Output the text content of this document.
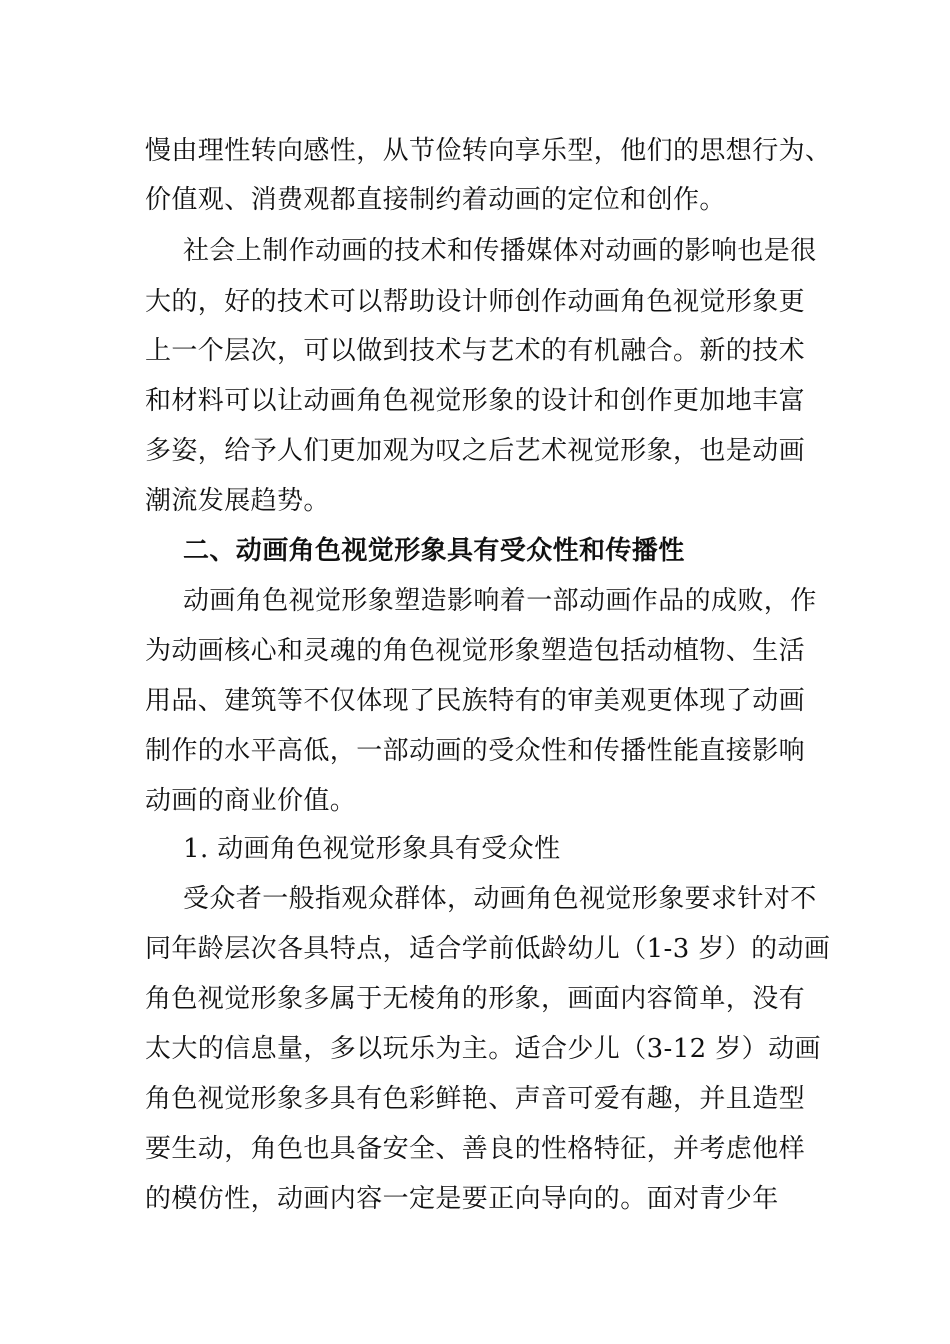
慢由理性转向感性，从节俭转向享乐型，他们的思想行为、
价值观、消费观都直接制约着动画的定位和创作。
社会上制作动画的技术和传播媒体对动画的影响也是很
大的，好的技术可以帮助设计师创作动画角色视觉形象更
上一个层次，可以做到技术与艺术的有机融合。新的技术
和材料可以让动画角色视觉形象的设计和创作更加地丰富
多姿，给予人们更加观为叹之后艺术视觉形象，也是动画
潮流发展趋势。
二、动画角色视觉形象具有受众性和传播性
动画角色视觉形象塑造影响着一部动画作品的成败，作
为动画核心和灵魂的角色视觉形象塑造包括动植物、生活
用品、建筑等不仅体现了民族特有的审美观更体现了动画
制作的水平高低，一部动画的受众性和传播性能直接影响
动画的商业价值。
1. 动画角色视觉形象具有受众性
受众者一般指观众群体，动画角色视觉形象要求针对不
同年龄层次各具特点，适合学前低龄幼儿（1-3 岁）的动画
角色视觉形象多属于无棱角的形象，画面内容简单，没有
太大的信息量，多以玩乐为主。适合少儿（3-12 岁）动画
角色视觉形象多具有色彩鲜艳、声音可爱有趣，并且造型
要生动，角色也具备安全、善良的性格特征，并考虑他样
的模仿性，动画内容一定是要正向导向的。面对青少年
